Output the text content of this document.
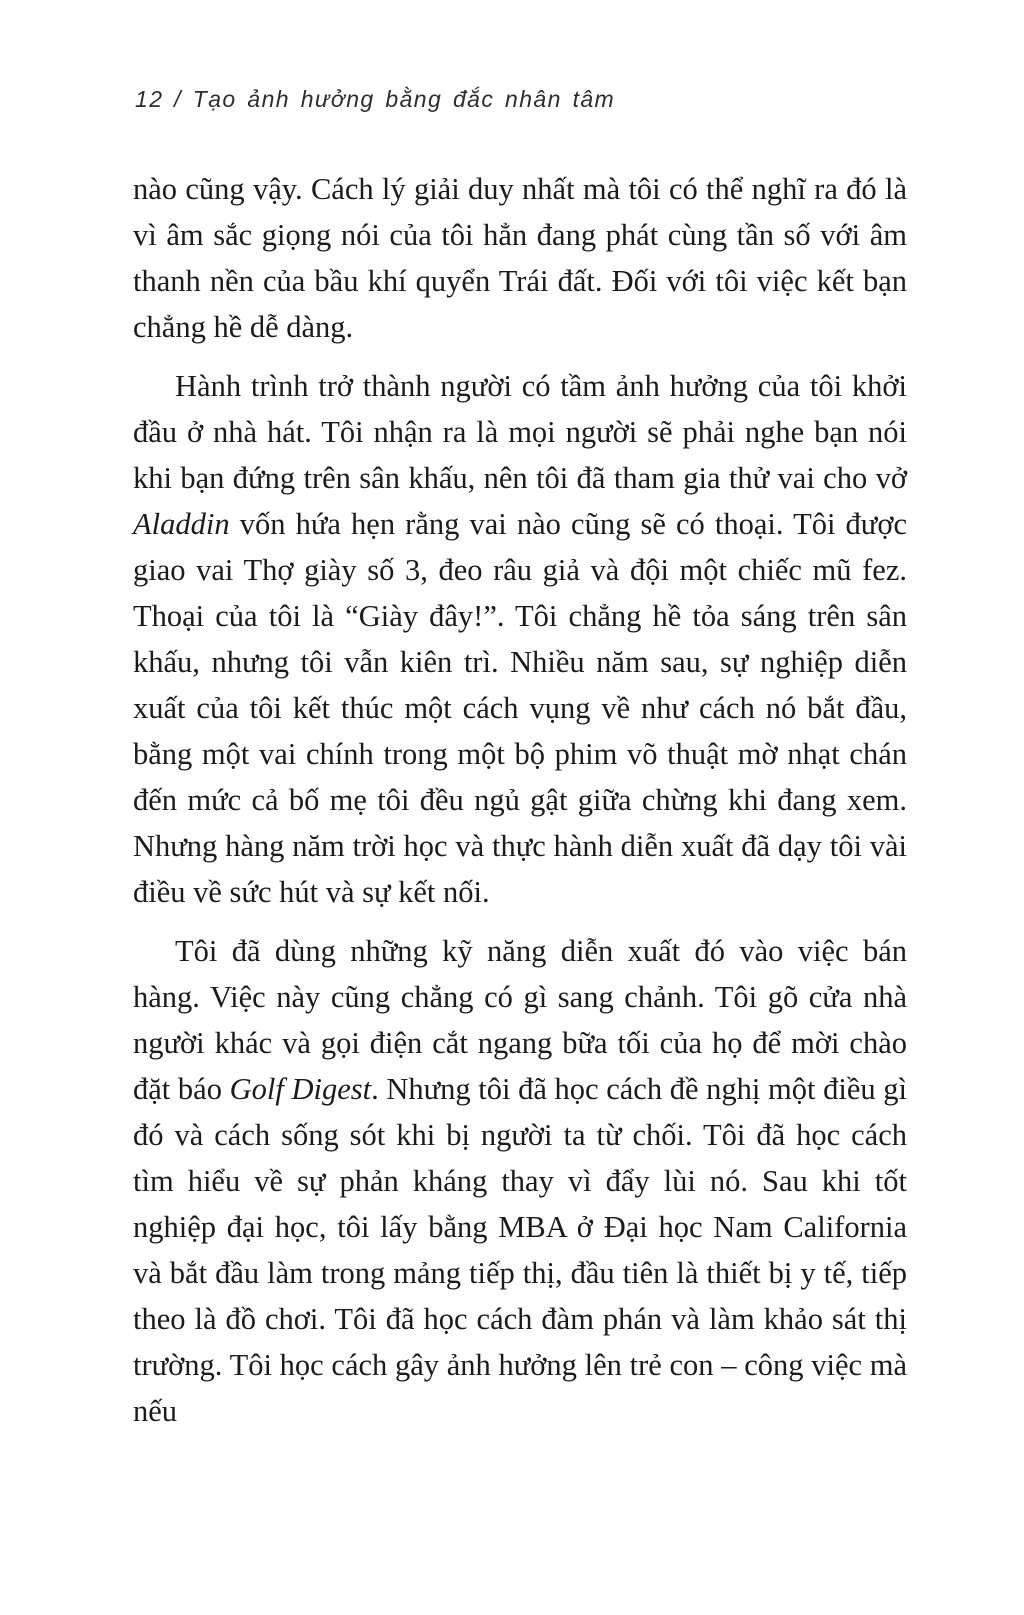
12 / Tạo ảnh hưởng bằng đắc nhân tâm

nào cũng vậy. Cách lý giải duy nhất mà tôi có thể nghĩ ra đó là vì âm sắc giọng nói của tôi hẳn đang phát cùng tần số với âm thanh nền của bầu khí quyển Trái đất. Đối với tôi việc kết bạn chẳng hề dễ dàng.

Hành trình trở thành người có tầm ảnh hưởng của tôi khởi đầu ở nhà hát. Tôi nhận ra là mọi người sẽ phải nghe bạn nói khi bạn đứng trên sân khấu, nên tôi đã tham gia thử vai cho vở Aladdin vốn hứa hẹn rằng vai nào cũng sẽ có thoại. Tôi được giao vai Thợ giày số 3, đeo râu giả và đội một chiếc mũ fez. Thoại của tôi là “Giày đây!”. Tôi chẳng hề tỏa sáng trên sân khấu, nhưng tôi vẫn kiên trì. Nhiều năm sau, sự nghiệp diễn xuất của tôi kết thúc một cách vụng về như cách nó bắt đầu, bằng một vai chính trong một bộ phim võ thuật mờ nhạt chán đến mức cả bố mẹ tôi đều ngủ gật giữa chừng khi đang xem. Nhưng hàng năm trời học và thực hành diễn xuất đã dạy tôi vài điều về sức hút và sự kết nối.

Tôi đã dùng những kỹ năng diễn xuất đó vào việc bán hàng. Việc này cũng chẳng có gì sang chảnh. Tôi gõ cửa nhà người khác và gọi điện cắt ngang bữa tối của họ để mời chào đặt báo Golf Digest. Nhưng tôi đã học cách đề nghị một điều gì đó và cách sống sót khi bị người ta từ chối. Tôi đã học cách tìm hiểu về sự phản kháng thay vì đẩy lùi nó. Sau khi tốt nghiệp đại học, tôi lấy bằng MBA ở Đại học Nam California và bắt đầu làm trong mảng tiếp thị, đầu tiên là thiết bị y tế, tiếp theo là đồ chơi. Tôi đã học cách đàm phán và làm khảo sát thị trường. Tôi học cách gây ảnh hưởng lên trẻ con – công việc mà nếu
